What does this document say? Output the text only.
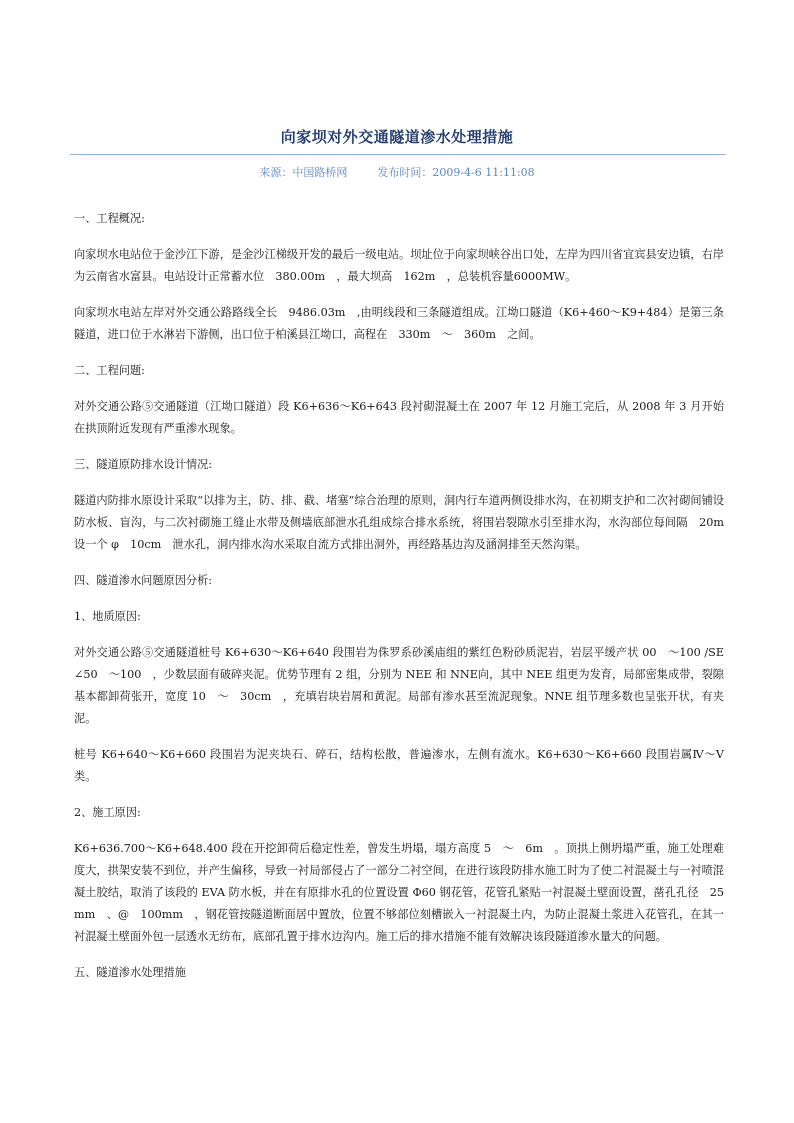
向家坝对外交通隧道渗水处理措施
来源：中国路桥网	发布时间：2009-4-6 11:11:08

一、工程概况:

向家坝水电站位于金沙江下游，是金沙江梯级开发的最后一级电站。坝址位于向家坝峡谷出口处，左岸为四川省宜宾县安边镇，右岸为云南省水富县。电站设计正常蓄水位　380.00m　，最大坝高　162m　，总装机容量6000MW。

向家坝水电站左岸对外交通公路路线全长　9486.03m　,由明线段和三条隧道组成。江坳口隧道（K6+460～K9+484）是第三条隧道，进口位于水淋岩下游侧，出口位于柏溪县江坳口，高程在　330m　～　360m　之间。

二、工程问题:

对外交通公路⑤交通隧道（江坳口隧道）段 K6+636～K6+643 段衬砌混凝土在 2007 年 12 月施工完后，从 2008 年 3 月开始在拱顶附近发现有严重渗水现象。

三、隧道原防排水设计情况:

隧道内防排水原设计采取“以排为主，防、排、截、堵塞”综合治理的原则，洞内行车道两侧设排水沟，在初期支护和二次衬砌间铺设防水板、盲沟，与二次衬砌施工缝止水带及侧墙底部泄水孔组成综合排水系统，将围岩裂隙水引至排水沟，水沟部位每间隔　20m　设一个 φ　10cm　泄水孔，洞内排水沟水采取自流方式排出洞外，再经路基边沟及涵洞排至天然沟渠。

四、隧道渗水问题原因分析:

1、地质原因:

对外交通公路⑤交通隧道桩号 K6+630～K6+640 段围岩为侏罗系砂溪庙组的紫红色粉砂质泥岩，岩层平缓产状 00　～100 /SE∠50　～100　，少数层面有破碎夹泥。优势节理有 2 组，分别为 NEE 和 NNE向，其中 NEE 组更为发育，局部密集成带，裂隙基本都卸荷张开，宽度 10　～　30cm　，充填岩块岩屑和黄泥。局部有渗水甚至流泥现象。NNE 组节理多数也呈张开状，有夹泥。

桩号 K6+640～K6+660 段围岩为泥夹块石、碎石，结构松散，普遍渗水，左侧有流水。K6+630～K6+660 段围岩属Ⅳ～Ⅴ类。

2、施工原因:

K6+636.700～K6+648.400 段在开挖卸荷后稳定性差，曾发生坍塌，塌方高度 5　～　6m　。顶拱上侧坍塌严重，施工处理难度大，拱架安装不到位，并产生偏移，导致一衬局部侵占了一部分二衬空间，在进行该段防排水施工时为了使二衬混凝土与一衬喷混凝土胶结，取消了该段的 EVA 防水板，并在有原排水孔的位置设置 Φ60 钢花管，花管孔紧贴一衬混凝土壁面设置，凿孔孔径　25mm　、@　100mm　，钢花管按隧道断面居中置放，位置不够部位刻槽嵌入一衬混凝土内，为防止混凝土浆进入花管孔，在其一衬混凝土壁面外包一层透水无纺布，底部孔置于排水边沟内。施工后的排水措施不能有效解决该段隧道渗水量大的问题。

五、隧道渗水处理措施
